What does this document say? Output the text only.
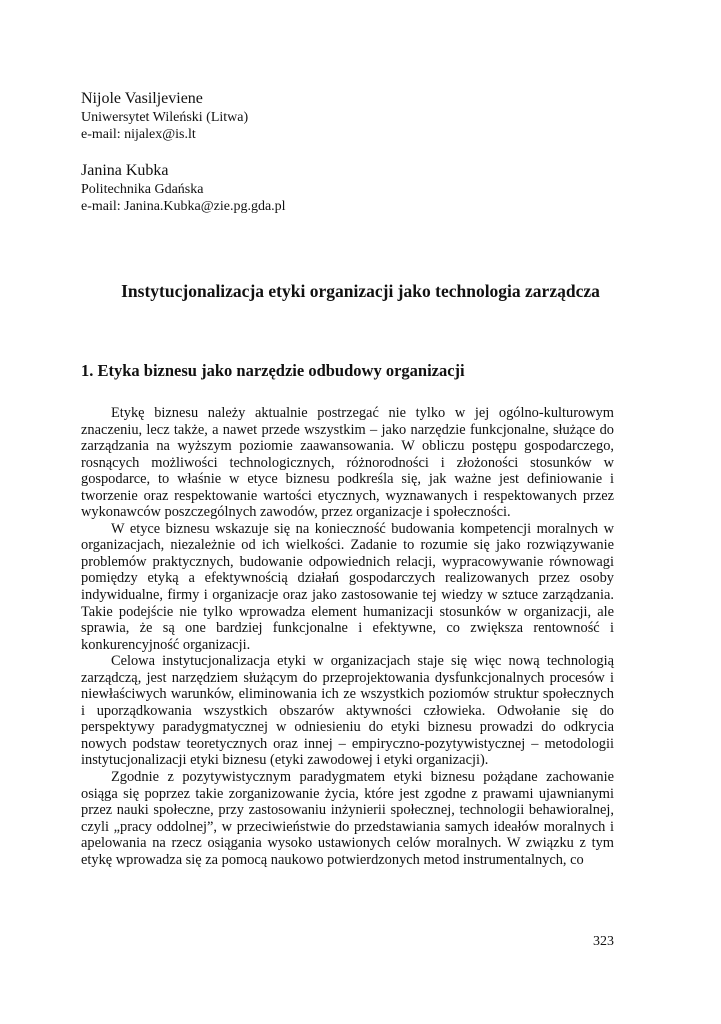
Nijole Vasiljeviene

Uniwersytet Wileński (Litwa)

e-mail: nijalex@is.lt

Janina Kubka

Politechnika Gdańska

e-mail: Janina.Kubka@zie.pg.gda.pl

Instytucjonalizacja etyki organizacji jako technologia zarządcza
1. Etyka biznesu jako narzędzie odbudowy organizacji

Etykę biznesu należy aktualnie postrzegać nie tylko w jej ogólno-kulturowym znaczeniu, lecz także, a nawet przede wszystkim – jako narzędzie funkcjonalne, służące do zarządzania na wyższym poziomie zaawansowania. W obliczu postępu gospodarczego, rosnących możliwości technologicznych, różnorodności i złożoności stosunków w gospodarce, to właśnie w etyce biznesu podkreśla się, jak ważne jest definiowanie i tworzenie oraz respektowanie wartości etycznych, wyznawanych i respektowanych przez wykonawców poszczególnych zawodów, przez organizacje i społeczności.

W etyce biznesu wskazuje się na konieczność budowania kompetencji moralnych w organizacjach, niezależnie od ich wielkości. Zadanie to rozumie się jako rozwiązywanie problemów praktycznych, budowanie odpowiednich relacji, wypracowywanie równowagi pomiędzy etyką a efektywnością działań gospodarczych realizowanych przez osoby indywidualne, firmy i organizacje oraz jako zastosowanie tej wiedzy w sztuce zarządzania. Takie podejście nie tylko wprowadza element humanizacji stosunków w organizacji, ale sprawia, że są one bardziej funkcjonalne i efektywne, co zwiększa rentowność i konkurencyjność organizacji.

Celowa instytucjonalizacja etyki w organizacjach staje się więc nową technologią zarządczą, jest narzędziem służącym do przeprojektowania dysfunkcjonalnych procesów i niewłaściwych warunków, eliminowania ich ze wszystkich poziomów struktur społecznych i uporządkowania wszystkich obszarów aktywności człowieka. Odwołanie się do perspektywy paradygmatycznej w odniesieniu do etyki biznesu prowadzi do odkrycia nowych podstaw teoretycznych oraz innej – empiryczno-pozytywistycznej – metodologii instytucjonalizacji etyki biznesu (etyki zawodowej i etyki organizacji).

Zgodnie z pozytywistycznym paradygmatem etyki biznesu pożądane zachowanie osiąga się poprzez takie zorganizowanie życia, które jest zgodne z prawami ujawnianymi przez nauki społeczne, przy zastosowaniu inżynierii społecznej, technologii behawioralnej, czyli „pracy oddolnej”, w przeciwieństwie do przedstawiania samych ideałów moralnych i apelowania na rzecz osiągania wysoko ustawionych celów moralnych. W związku z tym etykę wprowadza się za pomocą naukowo potwierdzonych metod instrumentalnych, co

323
